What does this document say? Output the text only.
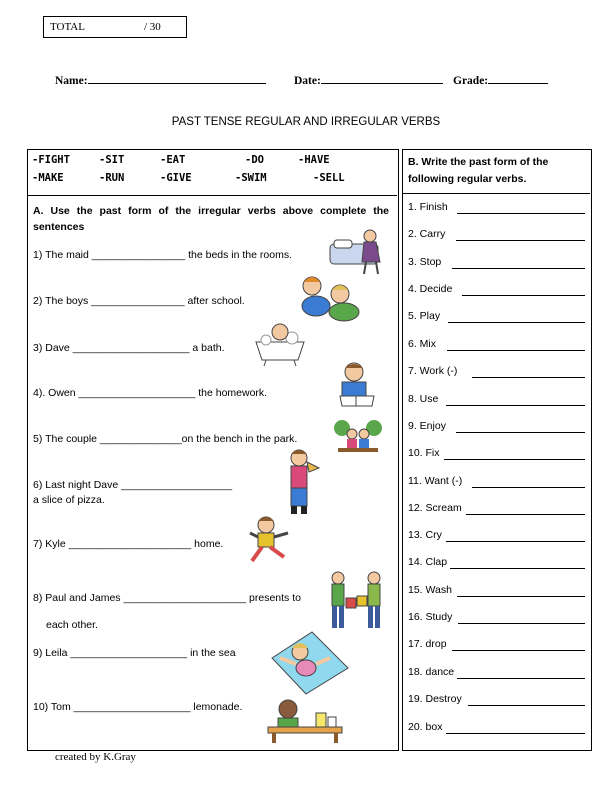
TOTAL	/ 30
Name:	Date:	Grade:
PAST TENSE REGULAR AND IRREGULAR VERBS
-FIGHT	-SIT	-EAT	-DO	-HAVE
-MAKE	-RUN	-GIVE	-SWIM	-SELL
A. Use the past form of the irregular verbs above complete the sentences
1) The maid ________________ the beds in the rooms.
2) The boys ________________ after school.
3) Dave ____________________ a bath.
4). Owen ____________________ the homework.
5) The couple ______________on the bench in the park.
6) Last night Dave ___________________
a slice of pizza.
7) Kyle _____________________ home.
8) Paul and James _____________________ presents to
each other.
9) Leila ____________________ in the sea
10) Tom ____________________ lemonade.
B. Write the past form of the following regular verbs.
1. Finish
2. Carry
3. Stop
4. Decide
5. Play
6. Mix
7. Work (-)
8. Use
9. Enjoy
10. Fix
11. Want (-)
12. Scream
13. Cry
14. Clap
15. Wash
16. Study
17. drop
18. dance
19. Destroy
20. box
created by K.Gray
